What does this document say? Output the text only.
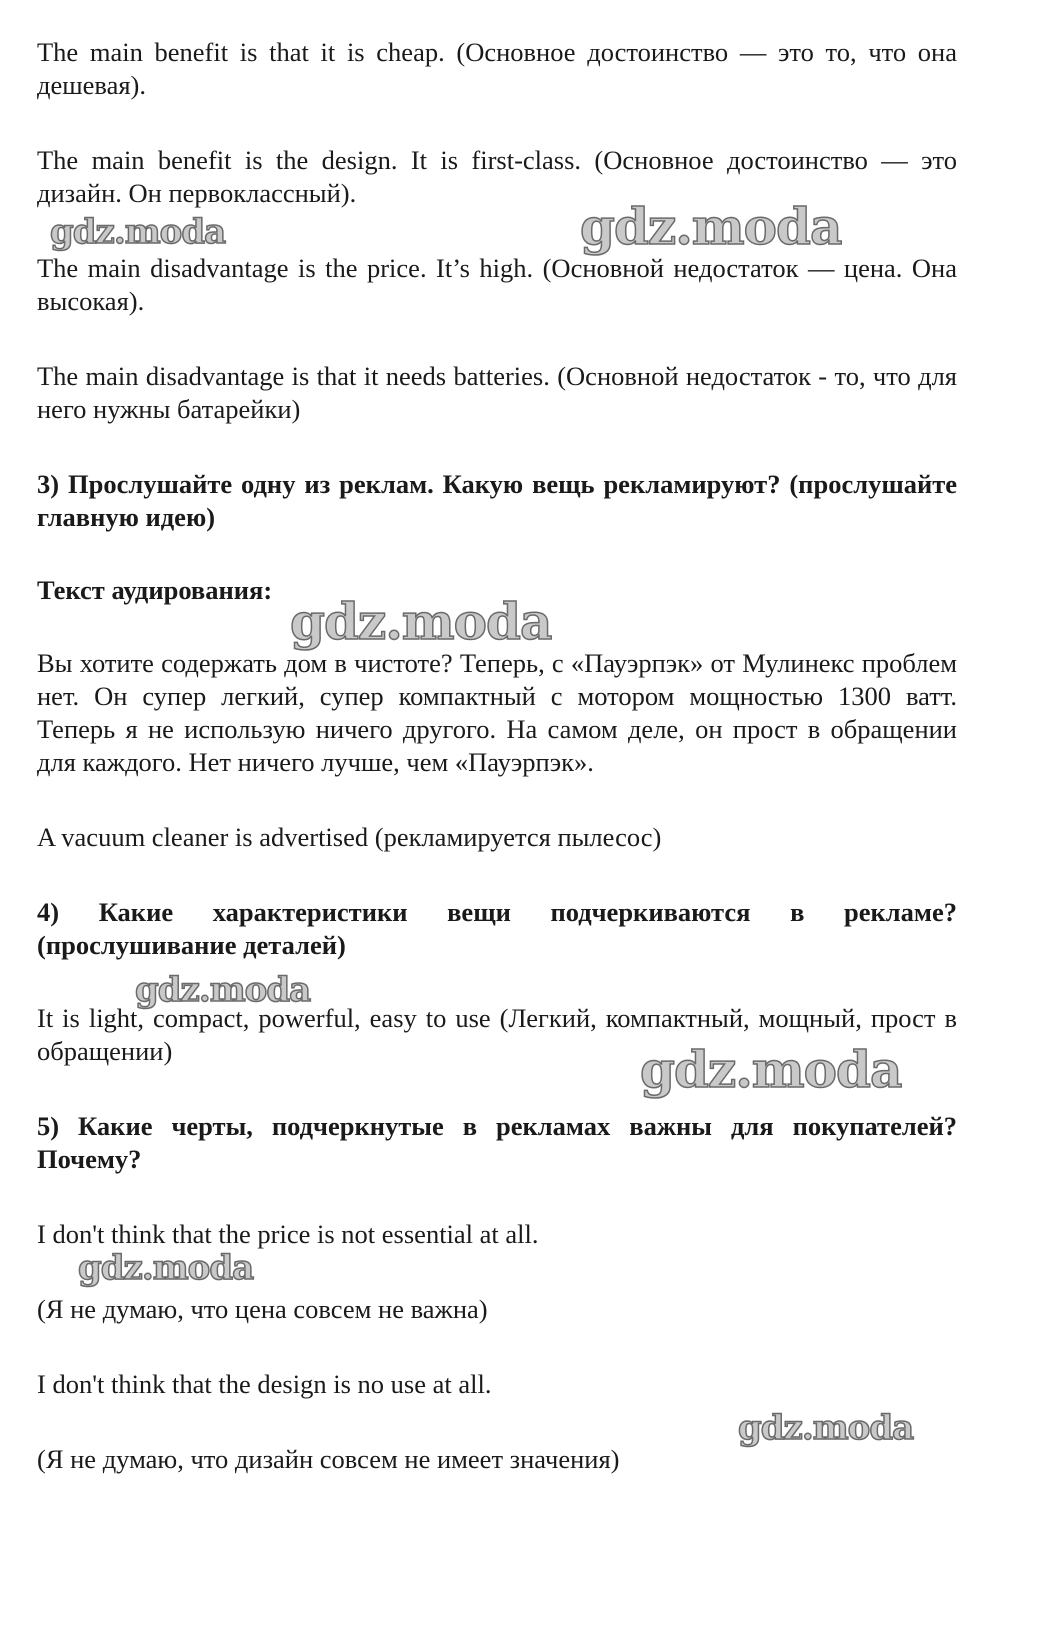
The main benefit is that it is cheap. (Основное достоинство — это то, что она дешевая).

The main benefit is the design. It is first-class. (Основное достоинство — это дизайн. Он первоклассный).

The main disadvantage is the price. It’s high. (Основной недостаток — цена. Она высокая).

The main disadvantage is that it needs batteries. (Основной недостаток - то, что для него нужны батарейки)

3) Прослушайте одну из реклам. Какую вещь рекламируют? (прослушайте главную идею)

Текст аудирования:

Вы хотите содержать дом в чистоте? Теперь, с «Пауэрпэк» от Мулинекс проблем нет. Он супер легкий, супер компактный с мотором мощностью 1300 ватт. Теперь я не использую ничего другого. На самом деле, он прост в обращении для каждого. Нет ничего лучше, чем «Пауэрпэк».

A vacuum cleaner is advertised (рекламируется пылесос)

4) Какие характеристики вещи подчеркиваются в рекламе? (прослушивание деталей)

It is light, compact, powerful, easy to use (Легкий, компактный, мощный, прост в обращении)

5) Какие черты, подчеркнутые в рекламах важны для покупателей? Почему?

I don't think that the price is not essential at all.

(Я не думаю, что цена совсем не важна)

I don't think that the design is no use at all.

(Я не думаю, что дизайн совсем не имеет значения)

gdz.moda	gdz.moda
gdz.moda
gdz.moda
gdz.moda
gdz.moda
gdz.moda
